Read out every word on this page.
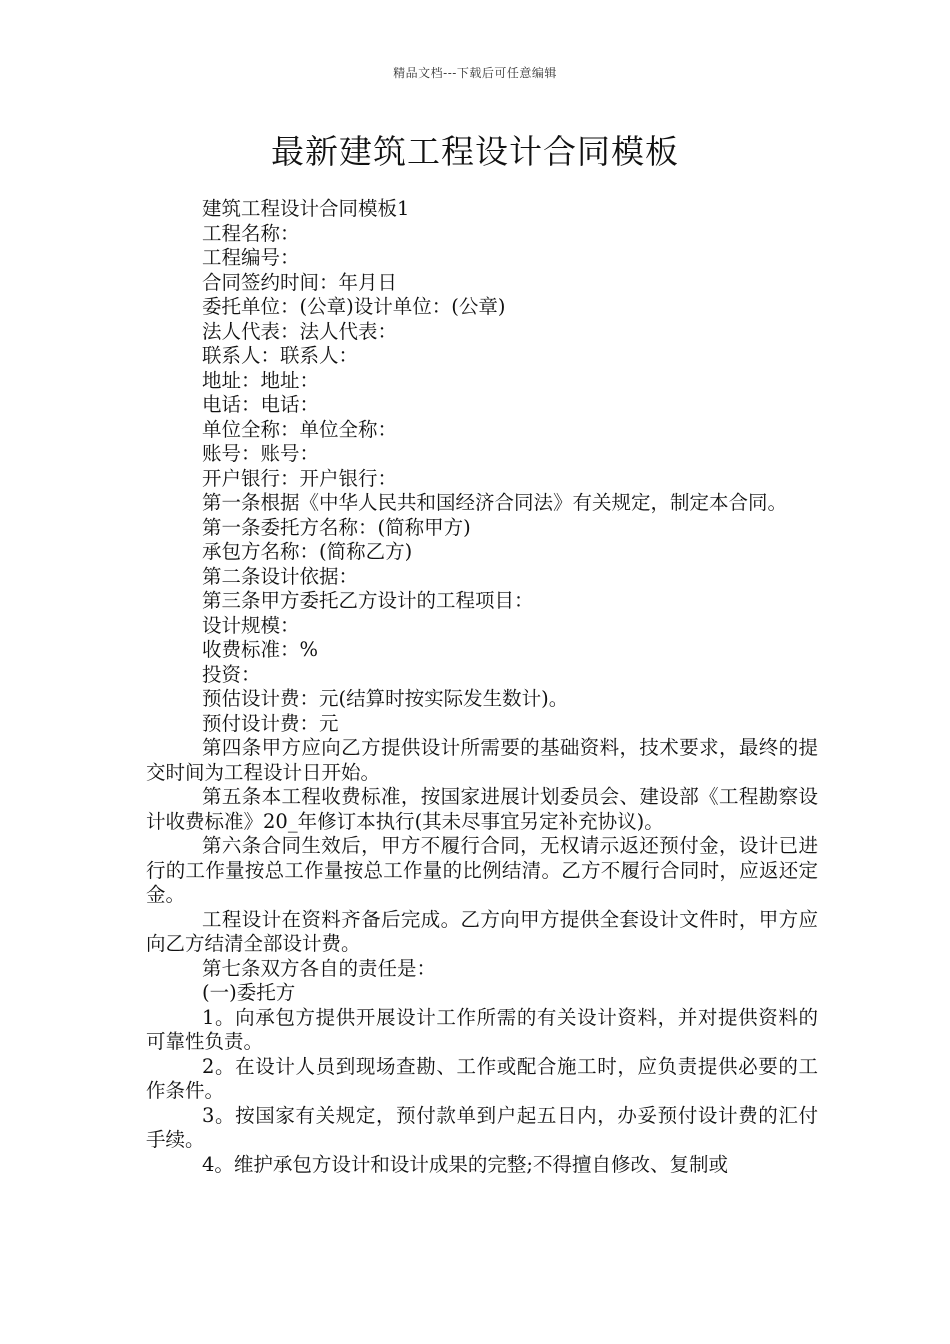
精品文档---下载后可任意编辑
最新建筑工程设计合同模板

建筑工程设计合同模板1

工程名称：

工程编号：

合同签约时间：年月日

委托单位：(公章)设计单位：(公章)

法人代表：法人代表：

联系人：联系人：

地址：地址：

电话：电话：

单位全称：单位全称：

账号：账号：

开户银行：开户银行：

第一条根据《中华人民共和国经济合同法》有关规定，制定本合同。

第一条委托方名称：(简称甲方)

承包方名称：(简称乙方)

第二条设计依据：

第三条甲方委托乙方设计的工程项目：

设计规模：

收费标准：%

投资：

预估设计费：元(结算时按实际发生数计)。

预付设计费：元

第四条甲方应向乙方提供设计所需要的基础资料，技术要求，最终的提交时间为工程设计日开始。

第五条本工程收费标准，按国家进展计划委员会、建设部《工程勘察设计收费标准》20_年修订本执行(其未尽事宜另定补充协议)。

第六条合同生效后，甲方不履行合同，无权请示返还预付金，设计已进行的工作量按总工作量按总工作量的比例结清。乙方不履行合同时，应返还定金。

工程设计在资料齐备后完成。乙方向甲方提供全套设计文件时，甲方应向乙方结清全部设计费。

第七条双方各自的责任是：

(一)委托方

1。向承包方提供开展设计工作所需的有关设计资料，并对提供资料的可靠性负责。

2。在设计人员到现场查勘、工作或配合施工时，应负责提供必要的工作条件。

3。按国家有关规定，预付款单到户起五日内，办妥预付设计费的汇付手续。

4。维护承包方设计和设计成果的完整;不得擅自修改、复制或
